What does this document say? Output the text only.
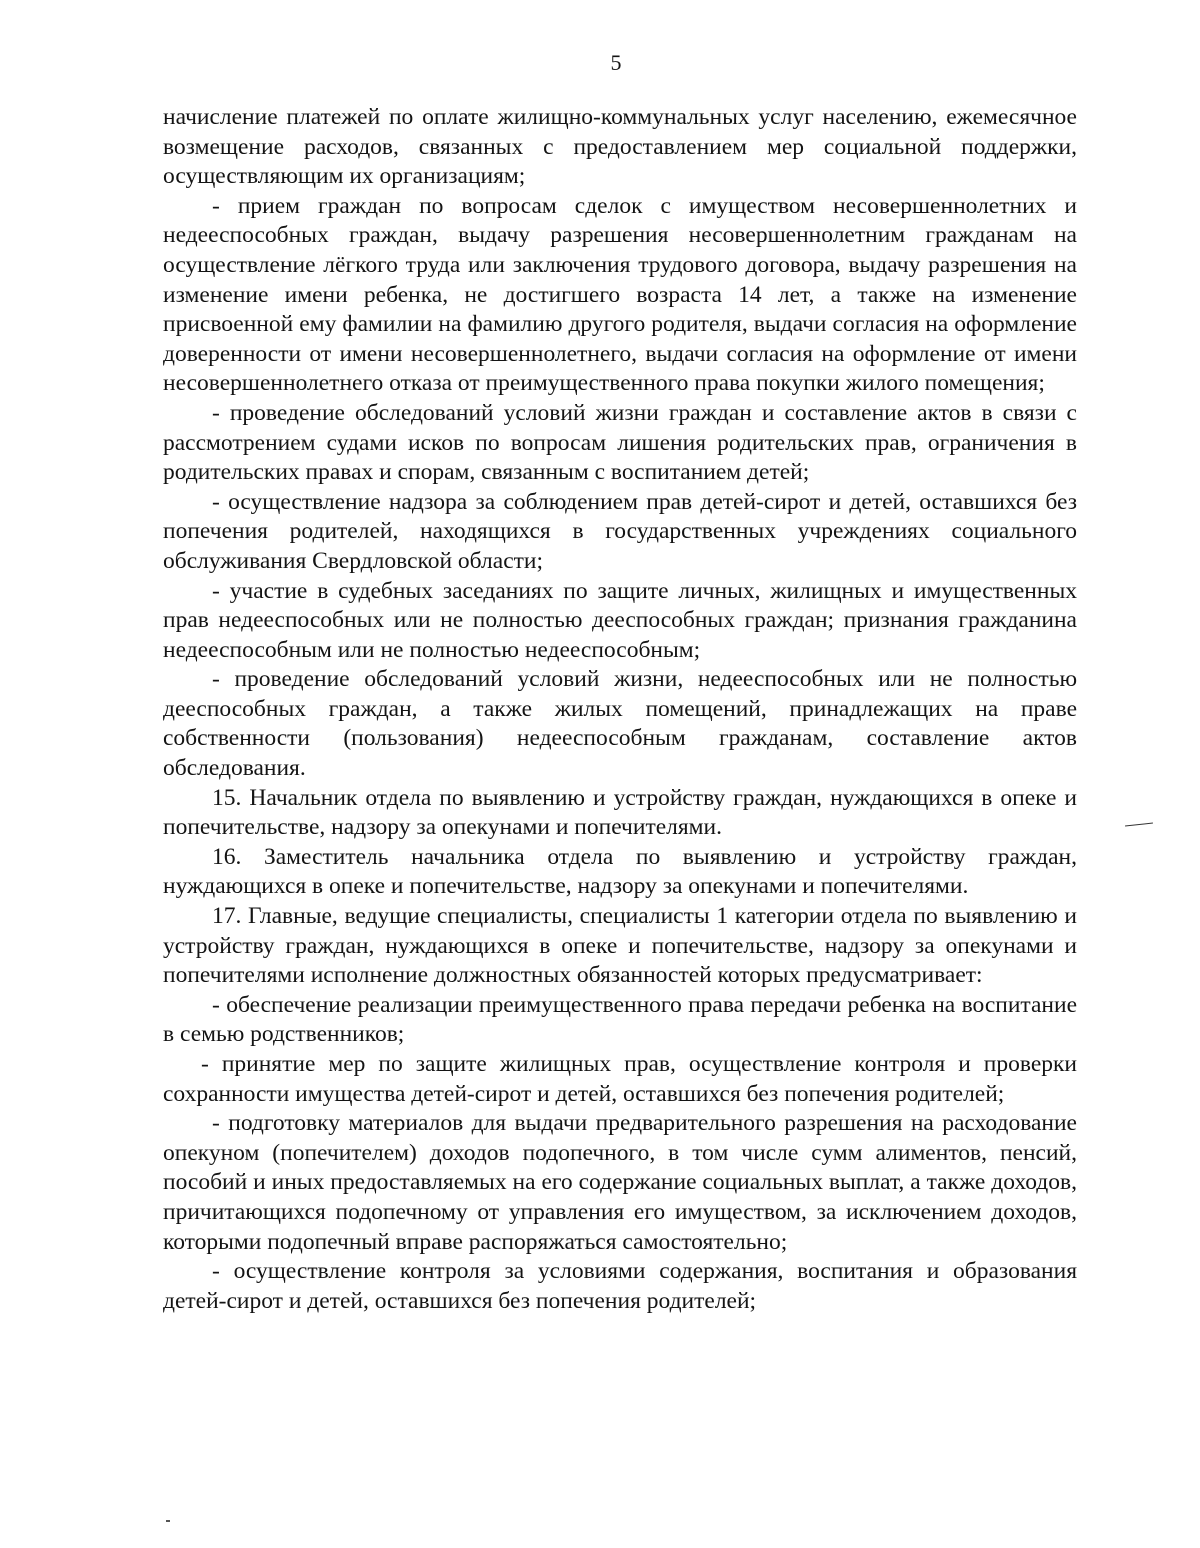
5

начисление платежей по оплате жилищно-коммунальных услуг населению, ежемесячное возмещение расходов, связанных с предоставлением мер социальной поддержки, осуществляющим их организациям;

- прием граждан по вопросам сделок с имуществом несовершеннолетних и недееспособных граждан, выдачу разрешения несовершеннолетним гражданам на осуществление лёгкого труда или заключения трудового договора, выдачу разрешения на изменение имени ребенка, не достигшего возраста 14 лет, а также на изменение присвоенной ему фамилии на фамилию другого родителя, выдачи согласия на оформление доверенности от имени несовершеннолетнего, выдачи согласия на оформление от имени несовершеннолетнего отказа от преимущественного права покупки жилого помещения;

- проведение обследований условий жизни граждан и составление актов в связи с рассмотрением судами исков по вопросам лишения родительских прав, ограничения в родительских правах и спорам, связанным с воспитанием детей;

- осуществление надзора за соблюдением прав детей-сирот и детей, оставшихся без попечения родителей, находящихся в государственных учреждениях социального обслуживания Свердловской области;

- участие в судебных заседаниях по защите личных, жилищных и имущественных прав недееспособных или не полностью дееспособных граждан; признания гражданина недееспособным или не полностью недееспособным;

- проведение обследований условий жизни, недееспособных или не полностью дееспособных граждан, а также жилых помещений, принадлежащих на праве собственности (пользования) недееспособным гражданам, составление актов обследования.

15. Начальник отдела по выявлению и устройству граждан, нуждающихся в опеке и попечительстве, надзору за опекунами и попечителями.

16. Заместитель начальника отдела по выявлению и устройству граждан, нуждающихся в опеке и попечительстве, надзору за опекунами и попечителями.

17. Главные, ведущие специалисты, специалисты 1 категории отдела по выявлению и устройству граждан, нуждающихся в опеке и попечительстве, надзору за опекунами и попечителями исполнение должностных обязанностей которых предусматривает:

- обеспечение реализации преимущественного права передачи ребенка на воспитание в семью родственников;

- принятие мер по защите жилищных прав, осуществление контроля и проверки сохранности имущества детей-сирот и детей, оставшихся без попечения родителей;

- подготовку материалов для выдачи предварительного разрешения на расходование опекуном (попечителем) доходов подопечного, в том числе сумм алиментов, пенсий, пособий и иных предоставляемых на его содержание социальных выплат, а также доходов, причитающихся подопечному от управления его имуществом, за исключением доходов, которыми подопечный вправе распоряжаться самостоятельно;

- осуществление контроля за условиями содержания, воспитания и образования детей-сирот и детей, оставшихся без попечения родителей;
